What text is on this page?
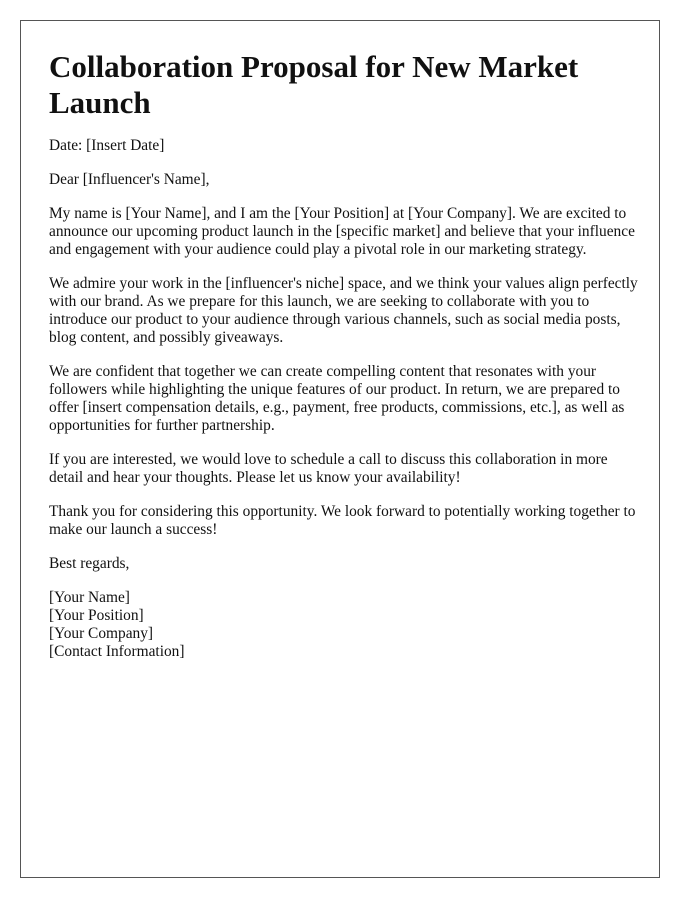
Collaboration Proposal for New Market Launch

Date: [Insert Date]

Dear [Influencer's Name],

My name is [Your Name], and I am the [Your Position] at [Your Company]. We are excited to announce our upcoming product launch in the [specific market] and believe that your influence and engagement with your audience could play a pivotal role in our marketing strategy.

We admire your work in the [influencer's niche] space, and we think your values align perfectly with our brand. As we prepare for this launch, we are seeking to collaborate with you to introduce our product to your audience through various channels, such as social media posts, blog content, and possibly giveaways.

We are confident that together we can create compelling content that resonates with your followers while highlighting the unique features of our product. In return, we are prepared to offer [insert compensation details, e.g., payment, free products, commissions, etc.], as well as opportunities for further partnership.

If you are interested, we would love to schedule a call to discuss this collaboration in more detail and hear your thoughts. Please let us know your availability!

Thank you for considering this opportunity. We look forward to potentially working together to make our launch a success!

Best regards,

[Your Name]

[Your Position]

[Your Company]

[Contact Information]
